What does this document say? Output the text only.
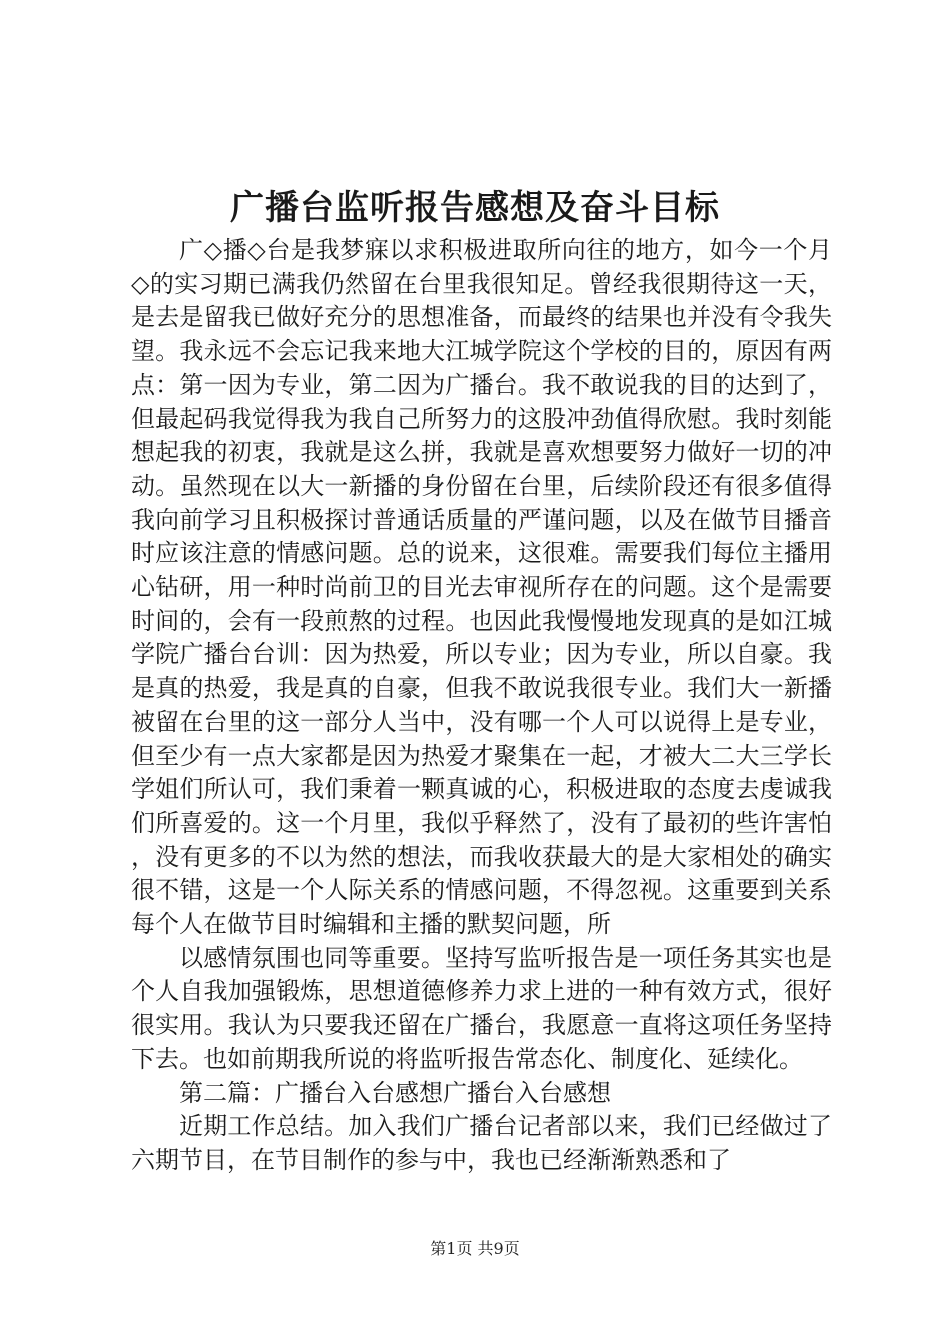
广播台监听报告感想及奋斗目标

广◇播◇台是我梦寐以求积极进取所向往的地方，如今一个月◇的实习期已满我仍然留在台里我很知足。曾经我很期待这一天，是去是留我已做好充分的思想准备，而最终的结果也并没有令我失望。我永远不会忘记我来地大江城学院这个学校的目的，原因有两点：第一因为专业，第二因为广播台。我不敢说我的目的达到了，但最起码我觉得我为我自己所努力的这股冲劲值得欣慰。我时刻能想起我的初衷，我就是这么拼，我就是喜欢想要努力做好一切的冲动。虽然现在以大一新播的身份留在台里，后续阶段还有很多值得我向前学习且积极探讨普通话质量的严谨问题，以及在做节目播音时应该注意的情感问题。总的说来，这很难。需要我们每位主播用心钻研，用一种时尚前卫的目光去审视所存在的问题。这个是需要时间的，会有一段煎熬的过程。也因此我慢慢地发现真的是如江城学院广播台台训：因为热爱，所以专业；因为专业，所以自豪。我是真的热爱，我是真的自豪，但我不敢说我很专业。我们大一新播被留在台里的这一部分人当中，没有哪一个人可以说得上是专业，但至少有一点大家都是因为热爱才聚集在一起，才被大二大三学长学姐们所认可，我们秉着一颗真诚的心，积极进取的态度去虔诚我们所喜爱的。这一个月里，我似乎释然了，没有了最初的些许害怕，没有更多的不以为然的想法，而我收获最大的是大家相处的确实很不错，这是一个人际关系的情感问题，不得忽视。这重要到关系每个人在做节目时编辑和主播的默契问题，所

以感情氛围也同等重要。坚持写监听报告是一项任务其实也是个人自我加强锻炼，思想道德修养力求上进的一种有效方式，很好很实用。我认为只要我还留在广播台，我愿意一直将这项任务坚持下去。也如前期我所说的将监听报告常态化、制度化、延续化。

第二篇：广播台入台感想广播台入台感想

近期工作总结。加入我们广播台记者部以来，我们已经做过了六期节目，在节目制作的参与中，我也已经渐渐熟悉和了

第1页 共9页
